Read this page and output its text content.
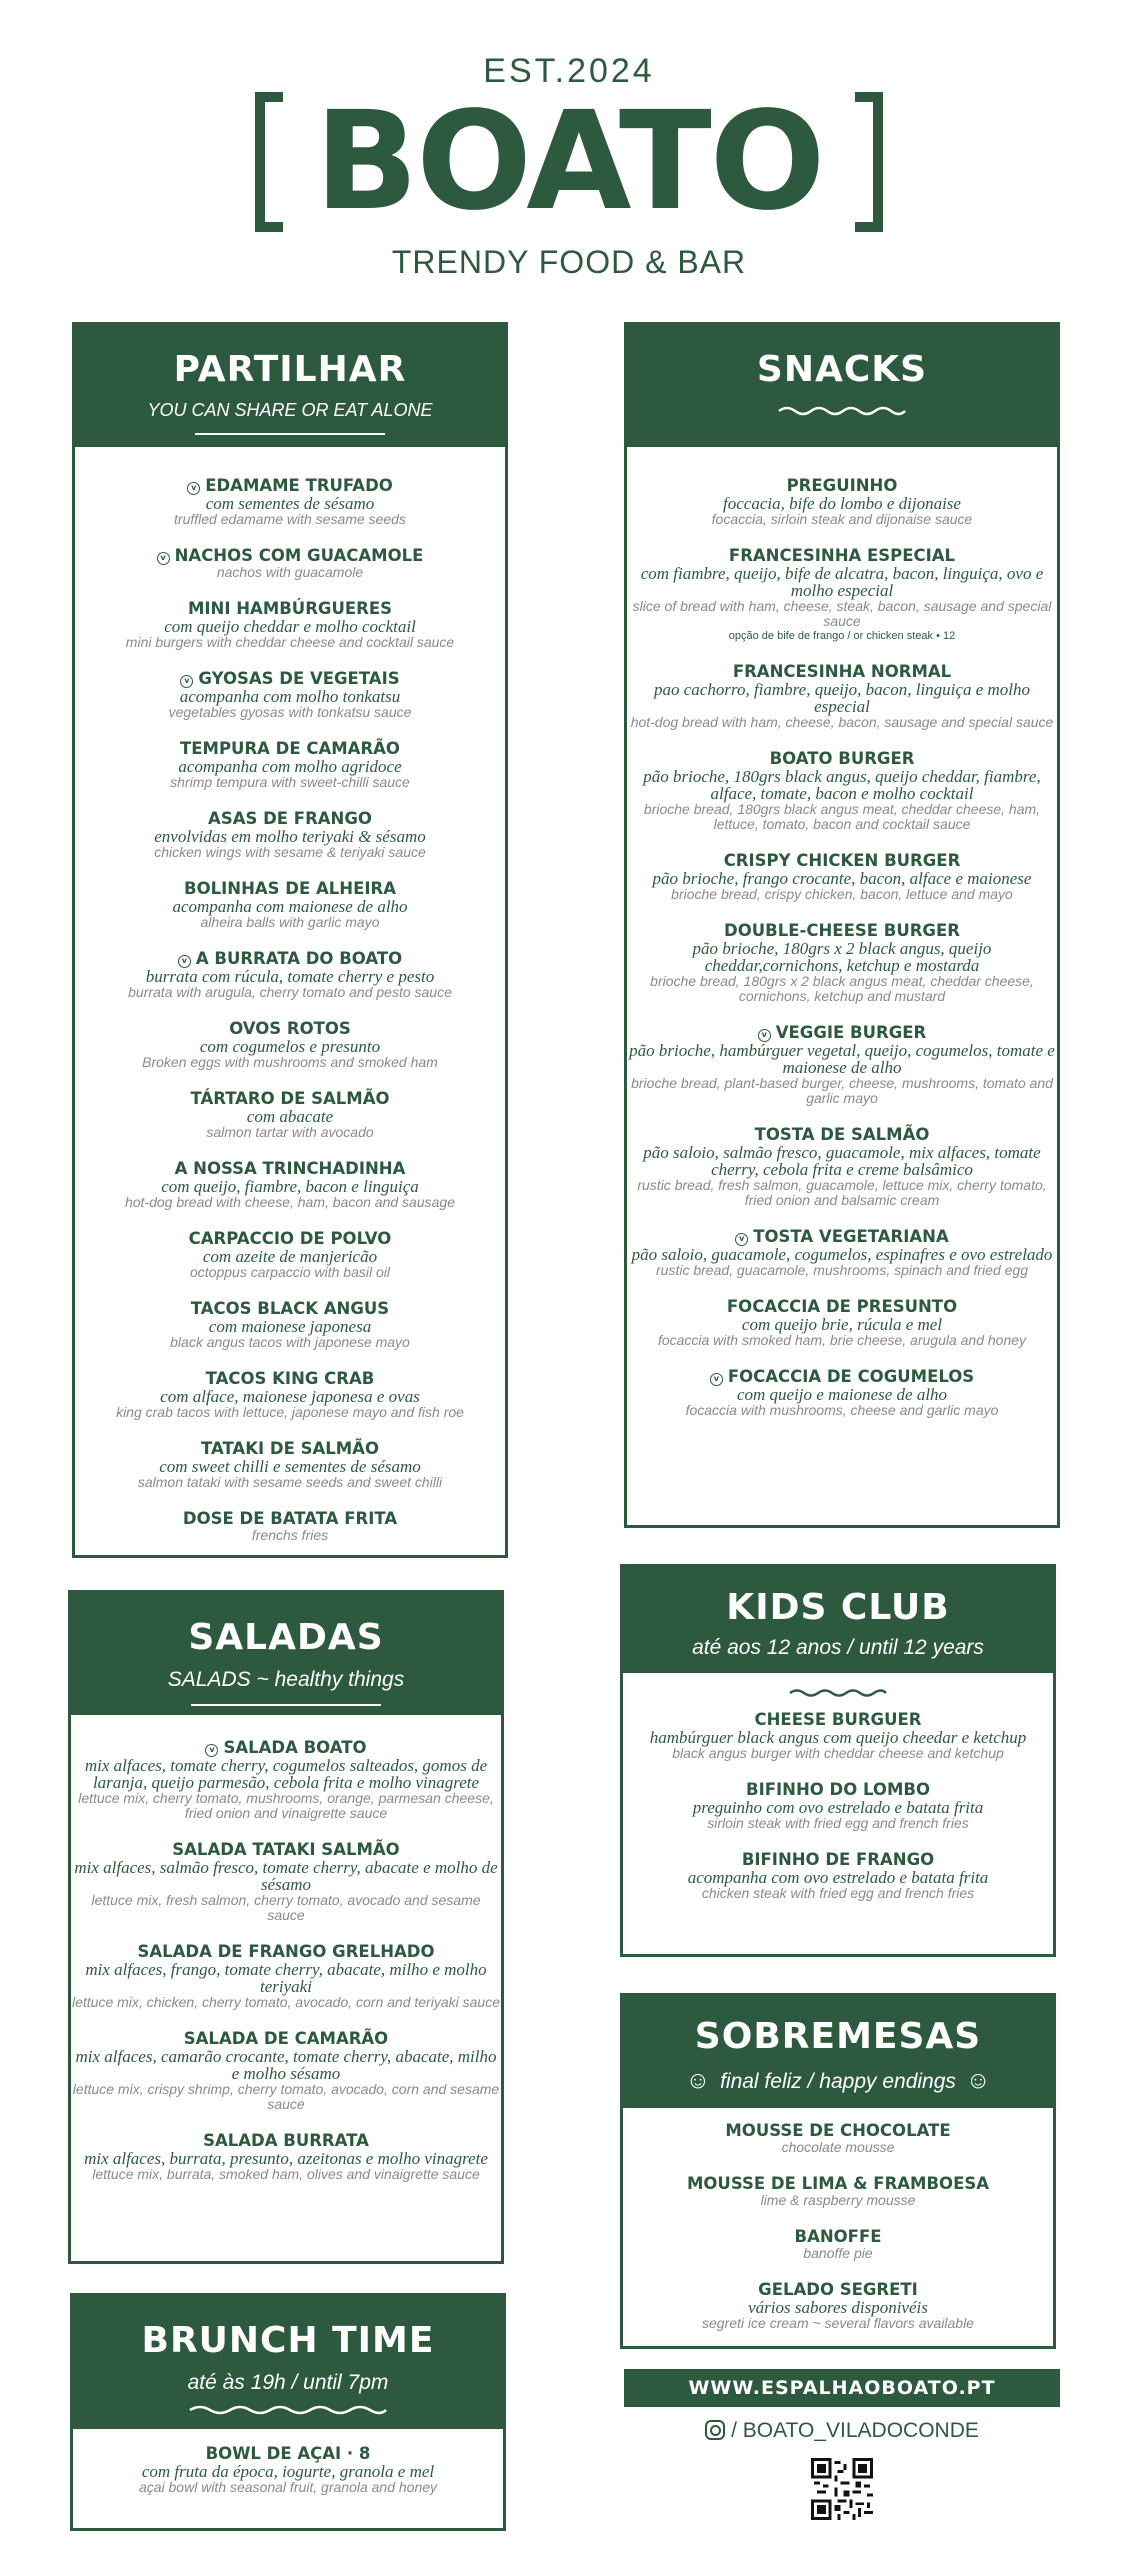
EST.2024
BOATO
TRENDY FOOD & BAR
PARTILHAR
YOU CAN SHARE OR EAT ALONE
v EDAMAME TRUFADO
com sementes de sésamo
truffled edamame with sesame seeds
v NACHOS COM GUACAMOLE
nachos with guacamole
MINI HAMBÚRGUERES
com queijo cheddar e molho cocktail
mini burgers with cheddar cheese and cocktail sauce
v GYOSAS DE VEGETAIS
acompanha com molho tonkatsu
vegetables gyosas with tonkatsu sauce
TEMPURA DE CAMARÃO
acompanha com molho agridoce
shrimp tempura with sweet-chilli sauce
ASAS DE FRANGO
envolvidas em molho teriyaki & sésamo
chicken wings with sesame & teriyaki sauce
BOLINHAS DE ALHEIRA
acompanha com maionese de alho
alheira balls with garlic mayo
v A BURRATA DO BOATO
burrata com rúcula, tomate cherry e pesto
burrata with arugula, cherry tomato and pesto sauce
OVOS ROTOS
com cogumelos e presunto
Broken eggs with mushrooms and smoked ham
TÁRTARO DE SALMÃO
com abacate
salmon tartar with avocado
A NOSSA TRINCHADINHA
com queijo, fiambre, bacon e linguiça
hot-dog bread with cheese, ham, bacon and sausage
CARPACCIO DE POLVO
com azeite de manjericão
octoppus carpaccio with basil oil
TACOS BLACK ANGUS
com maionese japonesa
black angus tacos with japonese mayo
TACOS KING CRAB
com alface, maionese japonesa e ovas
king crab tacos with lettuce, japonese mayo and fish roe
TATAKI DE SALMÃO
com sweet chilli e sementes de sésamo
salmon tataki with sesame seeds and sweet chilli
DOSE DE BATATA FRITA
frenchs fries
SNACKS
PREGUINHO
foccacia, bife do lombo e dijonaise
focaccia, sirloin steak and dijonaise sauce
FRANCESINHA ESPECIAL
com fiambre, queijo, bife de alcatra, bacon, linguiça, ovo e molho especial
slice of bread with ham, cheese, steak, bacon, sausage and special sauce
opção de bife de frango / or chicken steak • 12
FRANCESINHA NORMAL
pao cachorro, fiambre, queijo, bacon, linguiça e molho especial
hot-dog bread with ham, cheese, bacon, sausage and special sauce
BOATO BURGER
pão brioche, 180grs black angus, queijo cheddar, fiambre, alface, tomate, bacon e molho cocktail
brioche bread, 180grs black angus meat, cheddar cheese, ham, lettuce, tomato, bacon and cocktail sauce
CRISPY CHICKEN BURGER
pão brioche, frango crocante, bacon, alface e maionese
brioche bread, crispy chicken, bacon, lettuce and mayo
DOUBLE-CHEESE BURGER
pão brioche, 180grs x 2 black angus, queijo cheddar,cornichons, ketchup e mostarda
brioche bread, 180grs x 2 black angus meat, cheddar cheese, cornichons, ketchup and mustard
v VEGGIE BURGER
pão brioche, hambúrguer vegetal, queijo, cogumelos, tomate e maionese de alho
brioche bread, plant-based burger, cheese, mushrooms, tomato and garlic mayo
TOSTA DE SALMÃO
pão saloio, salmão fresco, guacamole, mix alfaces, tomate cherry, cebola frita e creme balsâmico
rustic bread, fresh salmon, guacamole, lettuce mix, cherry tomato, fried onion and balsamic cream
v TOSTA VEGETARIANA
pão saloio, guacamole, cogumelos, espinafres e ovo estrelado
rustic bread, guacamole, mushrooms, spinach and fried egg
FOCACCIA DE PRESUNTO
com queijo brie, rúcula e mel
focaccia with smoked ham, brie cheese, arugula and honey
v FOCACCIA DE COGUMELOS
com queijo e maionese de alho
focaccia with mushrooms, cheese and garlic mayo
SALADAS
SALADS ~ healthy things
v SALADA BOATO
mix alfaces, tomate cherry, cogumelos salteados, gomos de laranja, queijo parmesão, cebola frita e molho vinagrete
lettuce mix, cherry tomato, mushrooms, orange, parmesan cheese, fried onion and vinaigrette sauce
SALADA TATAKI SALMÃO
mix alfaces, salmão fresco, tomate cherry, abacate e molho de sésamo
lettuce mix, fresh salmon, cherry tomato, avocado and sesame sauce
SALADA DE FRANGO GRELHADO
mix alfaces, frango, tomate cherry, abacate, milho e molho teriyaki
lettuce mix, chicken, cherry tomato, avocado, corn and teriyaki sauce
SALADA DE CAMARÃO
mix alfaces, camarão crocante, tomate cherry, abacate, milho e molho sésamo
lettuce mix, crispy shrimp, cherry tomato, avocado, corn and sesame sauce
SALADA BURRATA
mix alfaces, burrata, presunto, azeitonas e molho vinagrete
lettuce mix, burrata, smoked ham, olives and vinaigrette sauce
BRUNCH TIME
até às 19h / until 7pm
BOWL DE AÇAI · 8
com fruta da época, iogurte, granola e mel
açai bowl with seasonal fruit, granola and honey
KIDS CLUB
até aos 12 anos / until 12 years
CHEESE BURGUER
hambúrguer black angus com queijo cheedar e ketchup
black angus burger with cheddar cheese and ketchup
BIFINHO DO LOMBO
preguinho com ovo estrelado e batata frita
sirloin steak with fried egg and french fries
BIFINHO DE FRANGO
acompanha com ovo estrelado e batata frita
chicken steak with fried egg and french fries
SOBREMESAS
☺ final feliz / happy endings ☺
MOUSSE DE CHOCOLATE
chocolate mousse
MOUSSE DE LIMA & FRAMBOESA
lime & raspberry mousse
BANOFFE
banoffe pie
GELADO SEGRETI
vários sabores disponivéis
segreti ice cream ~ several flavors available
WWW.ESPALHAOBOATO.PT
/ BOATO_VILADOCONDE
